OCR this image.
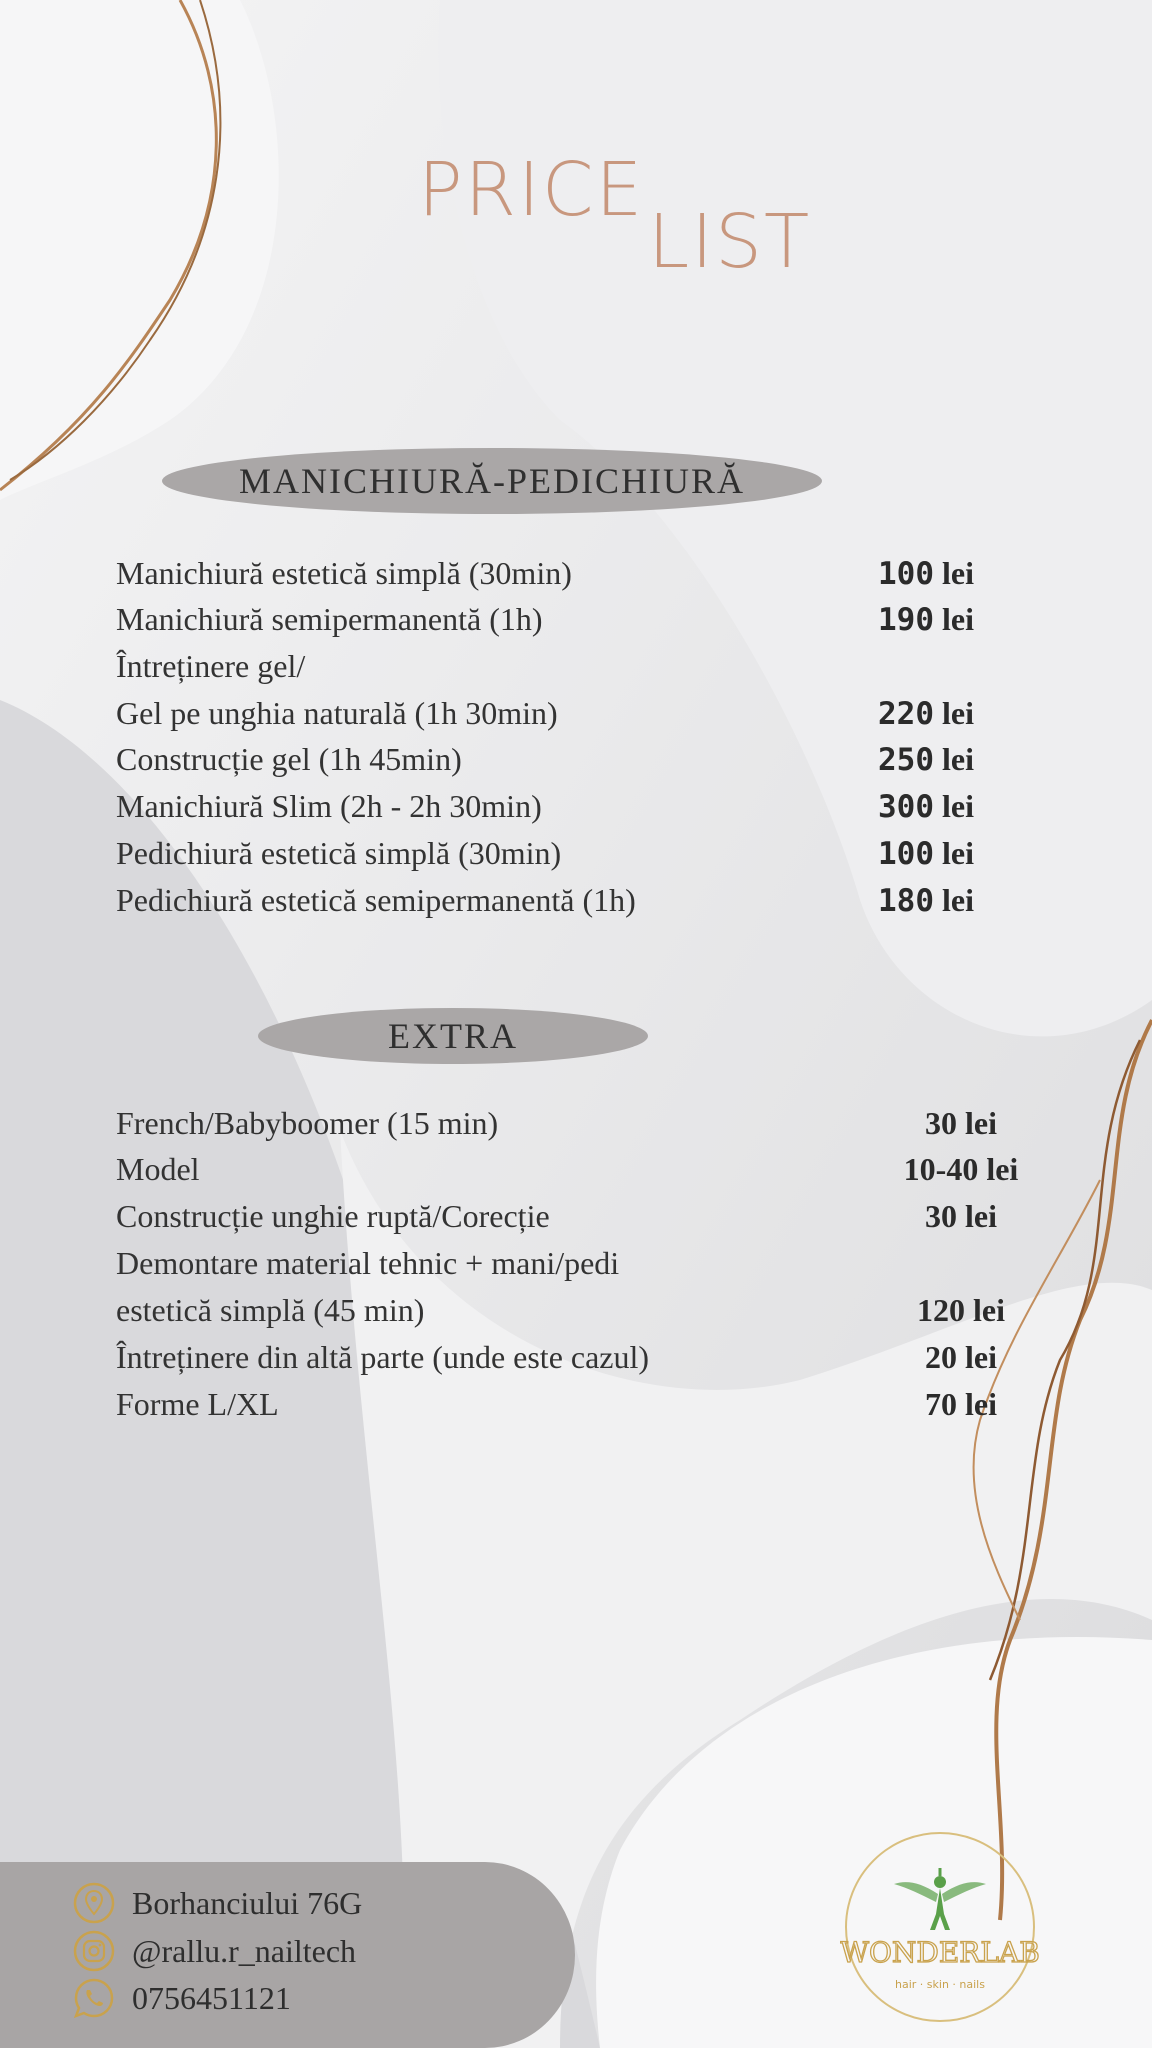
PRICE
LIST
MANICHIURĂ-PEDICHIURĂ
Manichiură estetică simplă (30min)	100 lei
Manichiură semipermanentă (1h)	190 lei
Întreținere gel/
Gel pe unghia naturală (1h 30min)	220 lei
Construcție gel (1h 45min)	250 lei
Manichiură Slim (2h - 2h 30min)	300 lei
Pedichiură estetică simplă (30min)	100 lei
Pedichiură estetică semipermanentă (1h)	180 lei
EXTRA
French/Babyboomer (15 min)	30 lei
Model	10-40 lei
Construcție unghie ruptă/Corecție	30 lei
Demontare material tehnic + mani/pedi
estetică simplă (45 min)	120 lei
Întreținere din altă parte (unde este cazul)	20 lei
Forme L/XL	70 lei
Borhanciului 76G
@rallu.r_nailtech
0756451121
WONDERLAB
hair · skin · nails
